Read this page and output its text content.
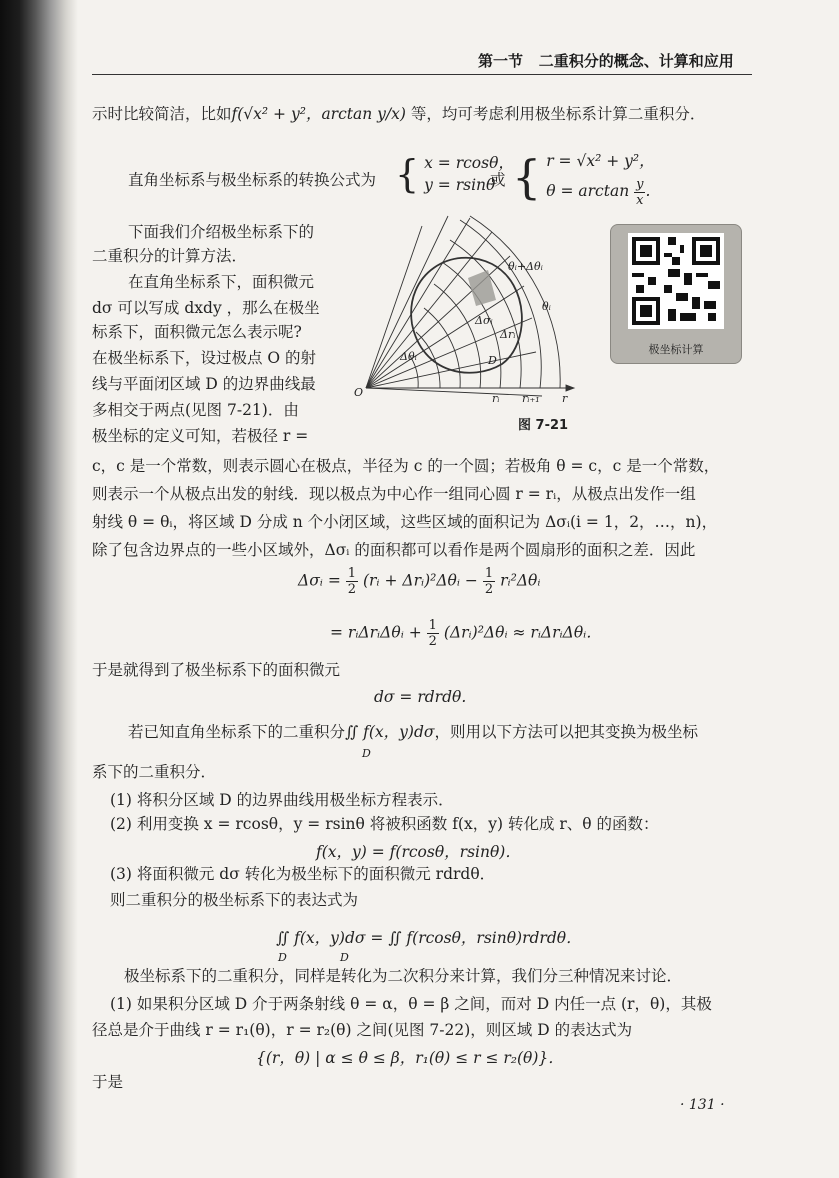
第一节 二重积分的概念、计算和应用
示时比较简洁，比如f(√x² + y²，arctan y/x) 等，均可考虑利用极坐标系计算二重积分．
直角坐标系与极坐标系的转换公式为 { x = rcosθ，
y = rsinθ
或 { r = √x² + y²，
$\theta = \arctan \frac{y}{x}$ .
下面我们介绍极坐标系下的
二重积分的计算方法．
在直角坐标系下，面积微元
dσ 可以写成 dxdy ，那么在极坐
标系下，面积微元怎么表示呢?
在极坐标系下，设过极点 O 的射
线与平面闭区域 D 的边界曲线最
多相交于两点(见图 7-21)．由
极坐标的定义可知，若极径 r =
O
D
Δσᵢ
Δrᵢ
Δθᵢ
θᵢ
θᵢ+Δθᵢ
rᵢ rᵢ₊₁ r
图 7-21
极坐标计算
c，c 是一个常数，则表示圆心在极点，半径为 c 的一个圆；若极角 θ = c，c 是一个常数，
则表示一个从极点出发的射线．现以极点为中心作一组同心圆 r = rᵢ，从极点出发作一组
射线 θ = θᵢ，将区域 D 分成 n 个小闭区域，这些区域的面积记为 Δσᵢ(i = 1，2，…，n)，
除了包含边界点的一些小区域外，Δσᵢ 的面积都可以看作是两个圆扇形的面积之差．因此
Δσᵢ = $\frac{1}{2}$ (rᵢ + Δrᵢ)²Δθᵢ − $\frac{1}{2}$ rᵢ²Δθᵢ
= rᵢΔrᵢΔθᵢ + $\frac{1}{2}$ (Δrᵢ)²Δθᵢ ≈ rᵢΔrᵢΔθᵢ．
于是就得到了极坐标系下的面积微元
dσ = rdrdθ.
若已知直角坐标系下的二重积分∬ f(x，y)dσ，则用以下方法可以把其变换为极坐标
D
系下的二重积分．
(1) 将积分区域 D 的边界曲线用极坐标方程表示．
(2) 利用变换 x = rcosθ，y = rsinθ 将被积函数 f(x，y) 转化成 r、θ 的函数：
f(x，y) = f(rcosθ，rsinθ)．
(3) 将面积微元 dσ 转化为极坐标下的面积微元 rdrdθ．
则二重积分的极坐标系下的表达式为
∬ f(x，y)dσ = ∬ f(rcosθ，rsinθ)rdrdθ．
D	D
极坐标系下的二重积分，同样是转化为二次积分来计算，我们分三种情况来讨论．
(1) 如果积分区域 D 介于两条射线 θ = α，θ = β 之间，而对 D 内任一点 (r，θ)，其极
径总是介于曲线 r = r₁(θ)，r = r₂(θ) 之间(见图 7-22)，则区域 D 的表达式为
{(r，θ) | α ≤ θ ≤ β，r₁(θ) ≤ r ≤ r₂(θ)}．
于是
· 131 ·
